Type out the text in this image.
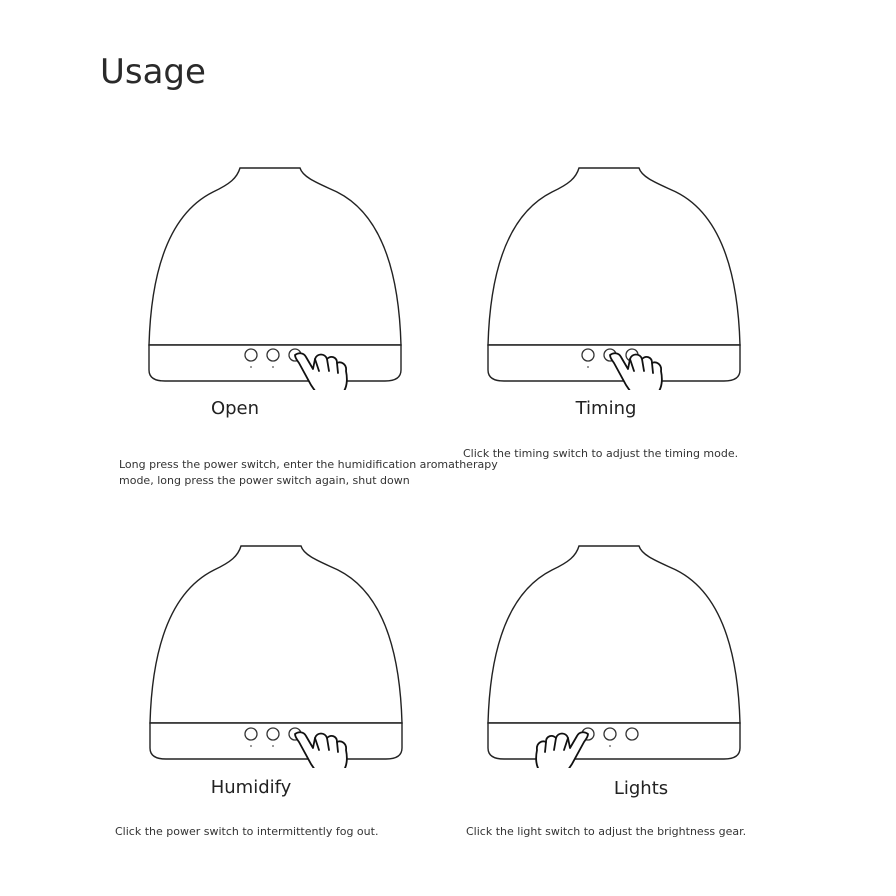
Usage
Open
Long press the power switch, enter the humidification aromatherapy
mode, long press the power switch again, shut down
Timing
Click the timing switch to adjust the timing mode.
Humidify
Click the power switch to intermittently fog out.
Lights
Click the light switch to adjust the brightness gear.
